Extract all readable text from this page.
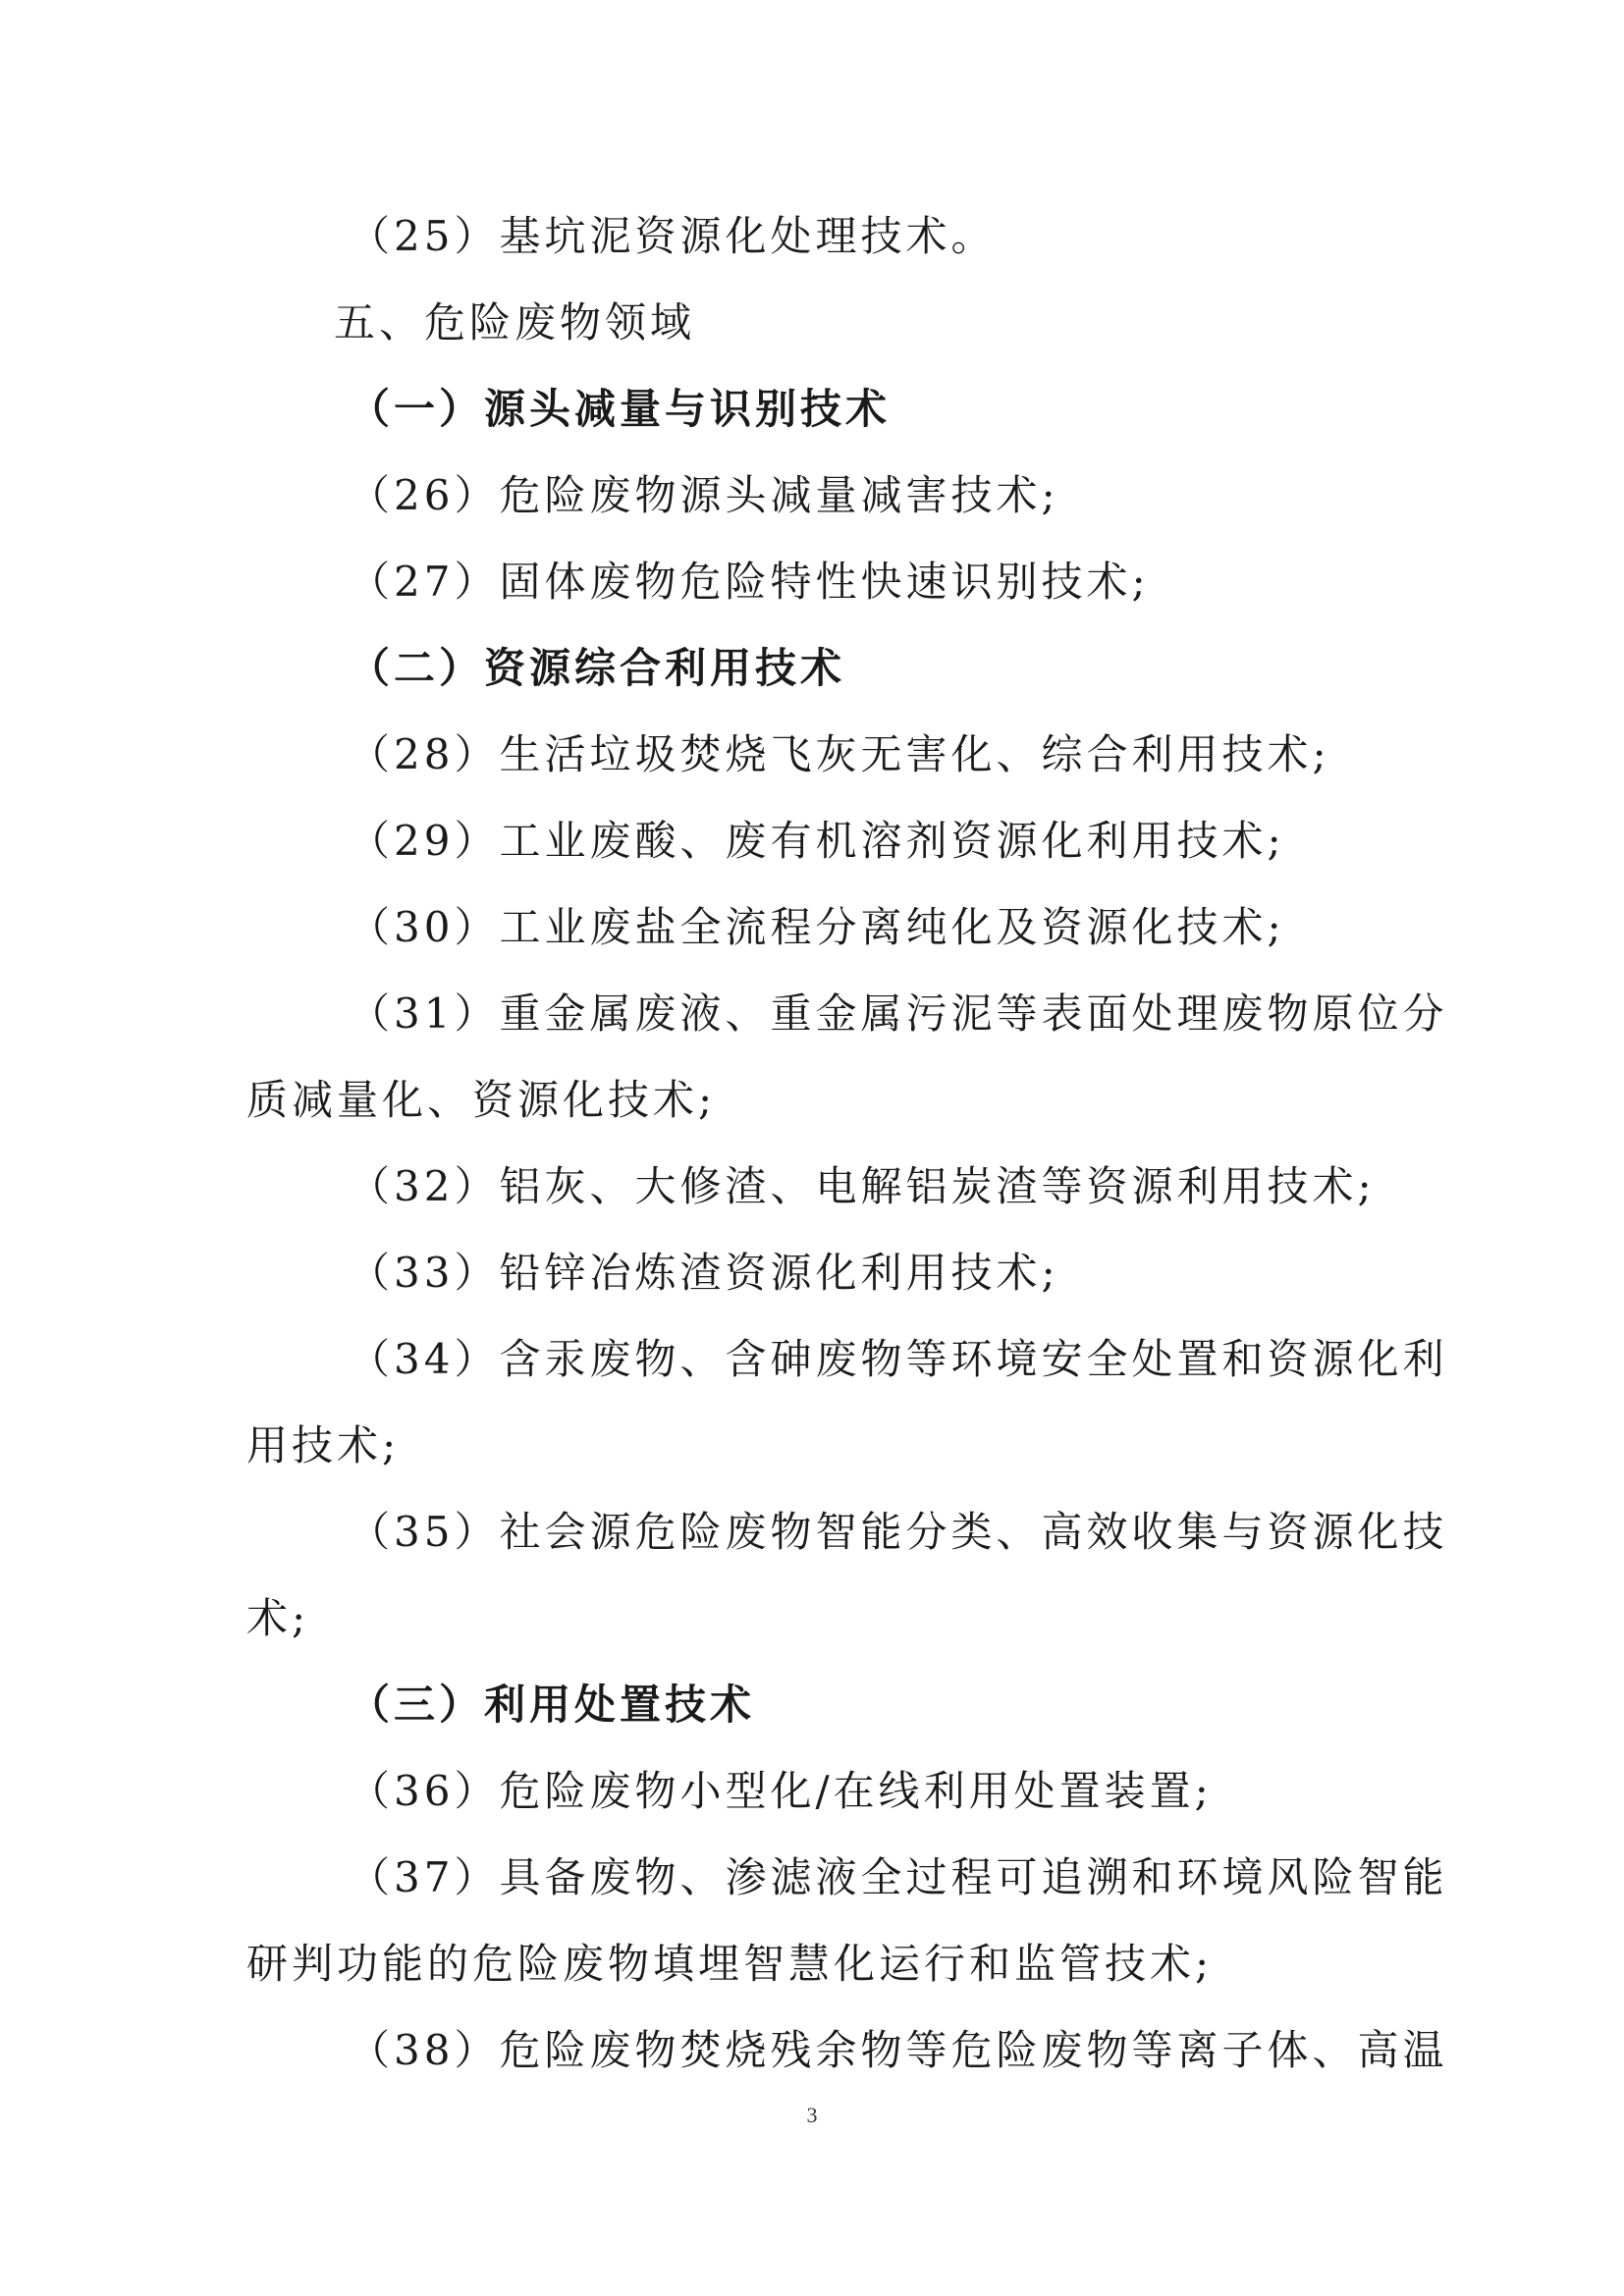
（25）基坑泥资源化处理技术。
五、危险废物领域
（一）源头减量与识别技术
（26）危险废物源头减量减害技术;
（27）固体废物危险特性快速识别技术;
（二）资源综合利用技术
（28）生活垃圾焚烧飞灰无害化、综合利用技术;
（29）工业废酸、废有机溶剂资源化利用技术;
（30）工业废盐全流程分离纯化及资源化技术;
（31）重金属废液、重金属污泥等表面处理废物原位分
质减量化、资源化技术;
（32）铝灰、大修渣、电解铝炭渣等资源利用技术;
（33）铅锌冶炼渣资源化利用技术;
（34）含汞废物、含砷废物等环境安全处置和资源化利
用技术;
（35）社会源危险废物智能分类、高效收集与资源化技
术;
（三）利用处置技术
（36）危险废物小型化/在线利用处置装置;
（37）具备废物、渗滤液全过程可追溯和环境风险智能
研判功能的危险废物填埋智慧化运行和监管技术;
（38）危险废物焚烧残余物等危险废物等离子体、高温
3
